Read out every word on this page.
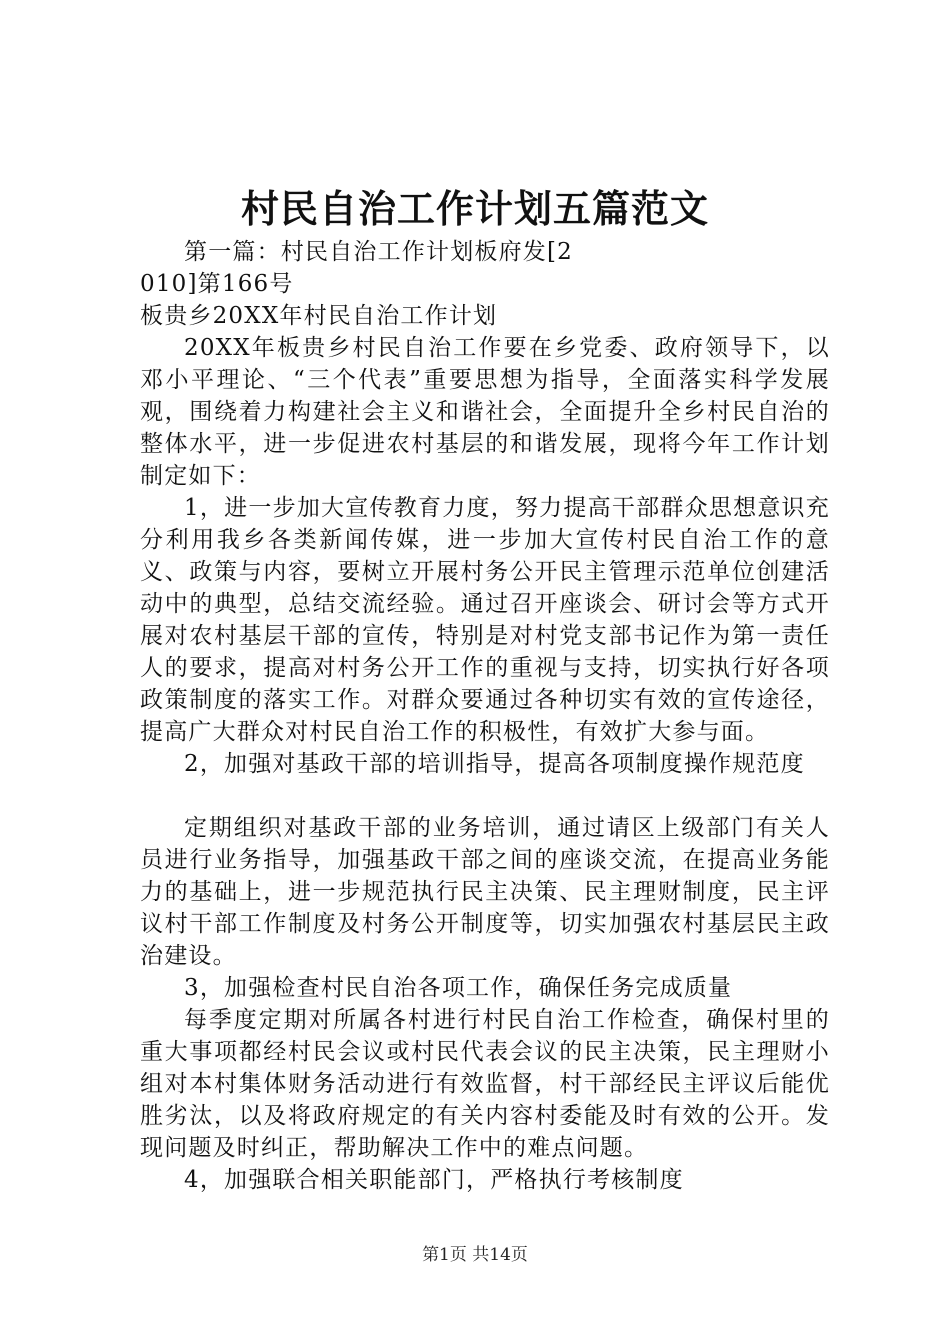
村民自治工作计划五篇范文

第一篇：村民自治工作计划板府发[2

010]第166号

板贵乡20XX年村民自治工作计划

20XX年板贵乡村民自治工作要在乡党委、政府领导下，以邓小平理论、“三个代表”重要思想为指导，全面落实科学发展观，围绕着力构建社会主义和谐社会，全面提升全乡村民自治的整体水平，进一步促进农村基层的和谐发展，现将今年工作计划制定如下：

1，进一步加大宣传教育力度，努力提高干部群众思想意识充分利用我乡各类新闻传媒，进一步加大宣传村民自治工作的意义、政策与内容，要树立开展村务公开民主管理示范单位创建活动中的典型，总结交流经验。通过召开座谈会、研讨会等方式开展对农村基层干部的宣传，特别是对村党支部书记作为第一责任人的要求，提高对村务公开工作的重视与支持，切实执行好各项政策制度的落实工作。对群众要通过各种切实有效的宣传途径，提高广大群众对村民自治工作的积极性，有效扩大参与面。

2，加强对基政干部的培训指导，提高各项制度操作规范度

定期组织对基政干部的业务培训，通过请区上级部门有关人员进行业务指导，加强基政干部之间的座谈交流，在提高业务能力的基础上，进一步规范执行民主决策、民主理财制度，民主评议村干部工作制度及村务公开制度等，切实加强农村基层民主政治建设。

3，加强检查村民自治各项工作，确保任务完成质量

每季度定期对所属各村进行村民自治工作检查，确保村里的重大事项都经村民会议或村民代表会议的民主决策，民主理财小组对本村集体财务活动进行有效监督，村干部经民主评议后能优胜劣汰，以及将政府规定的有关内容村委能及时有效的公开。发现问题及时纠正，帮助解决工作中的难点问题。

4，加强联合相关职能部门，严格执行考核制度

第1页 共14页
